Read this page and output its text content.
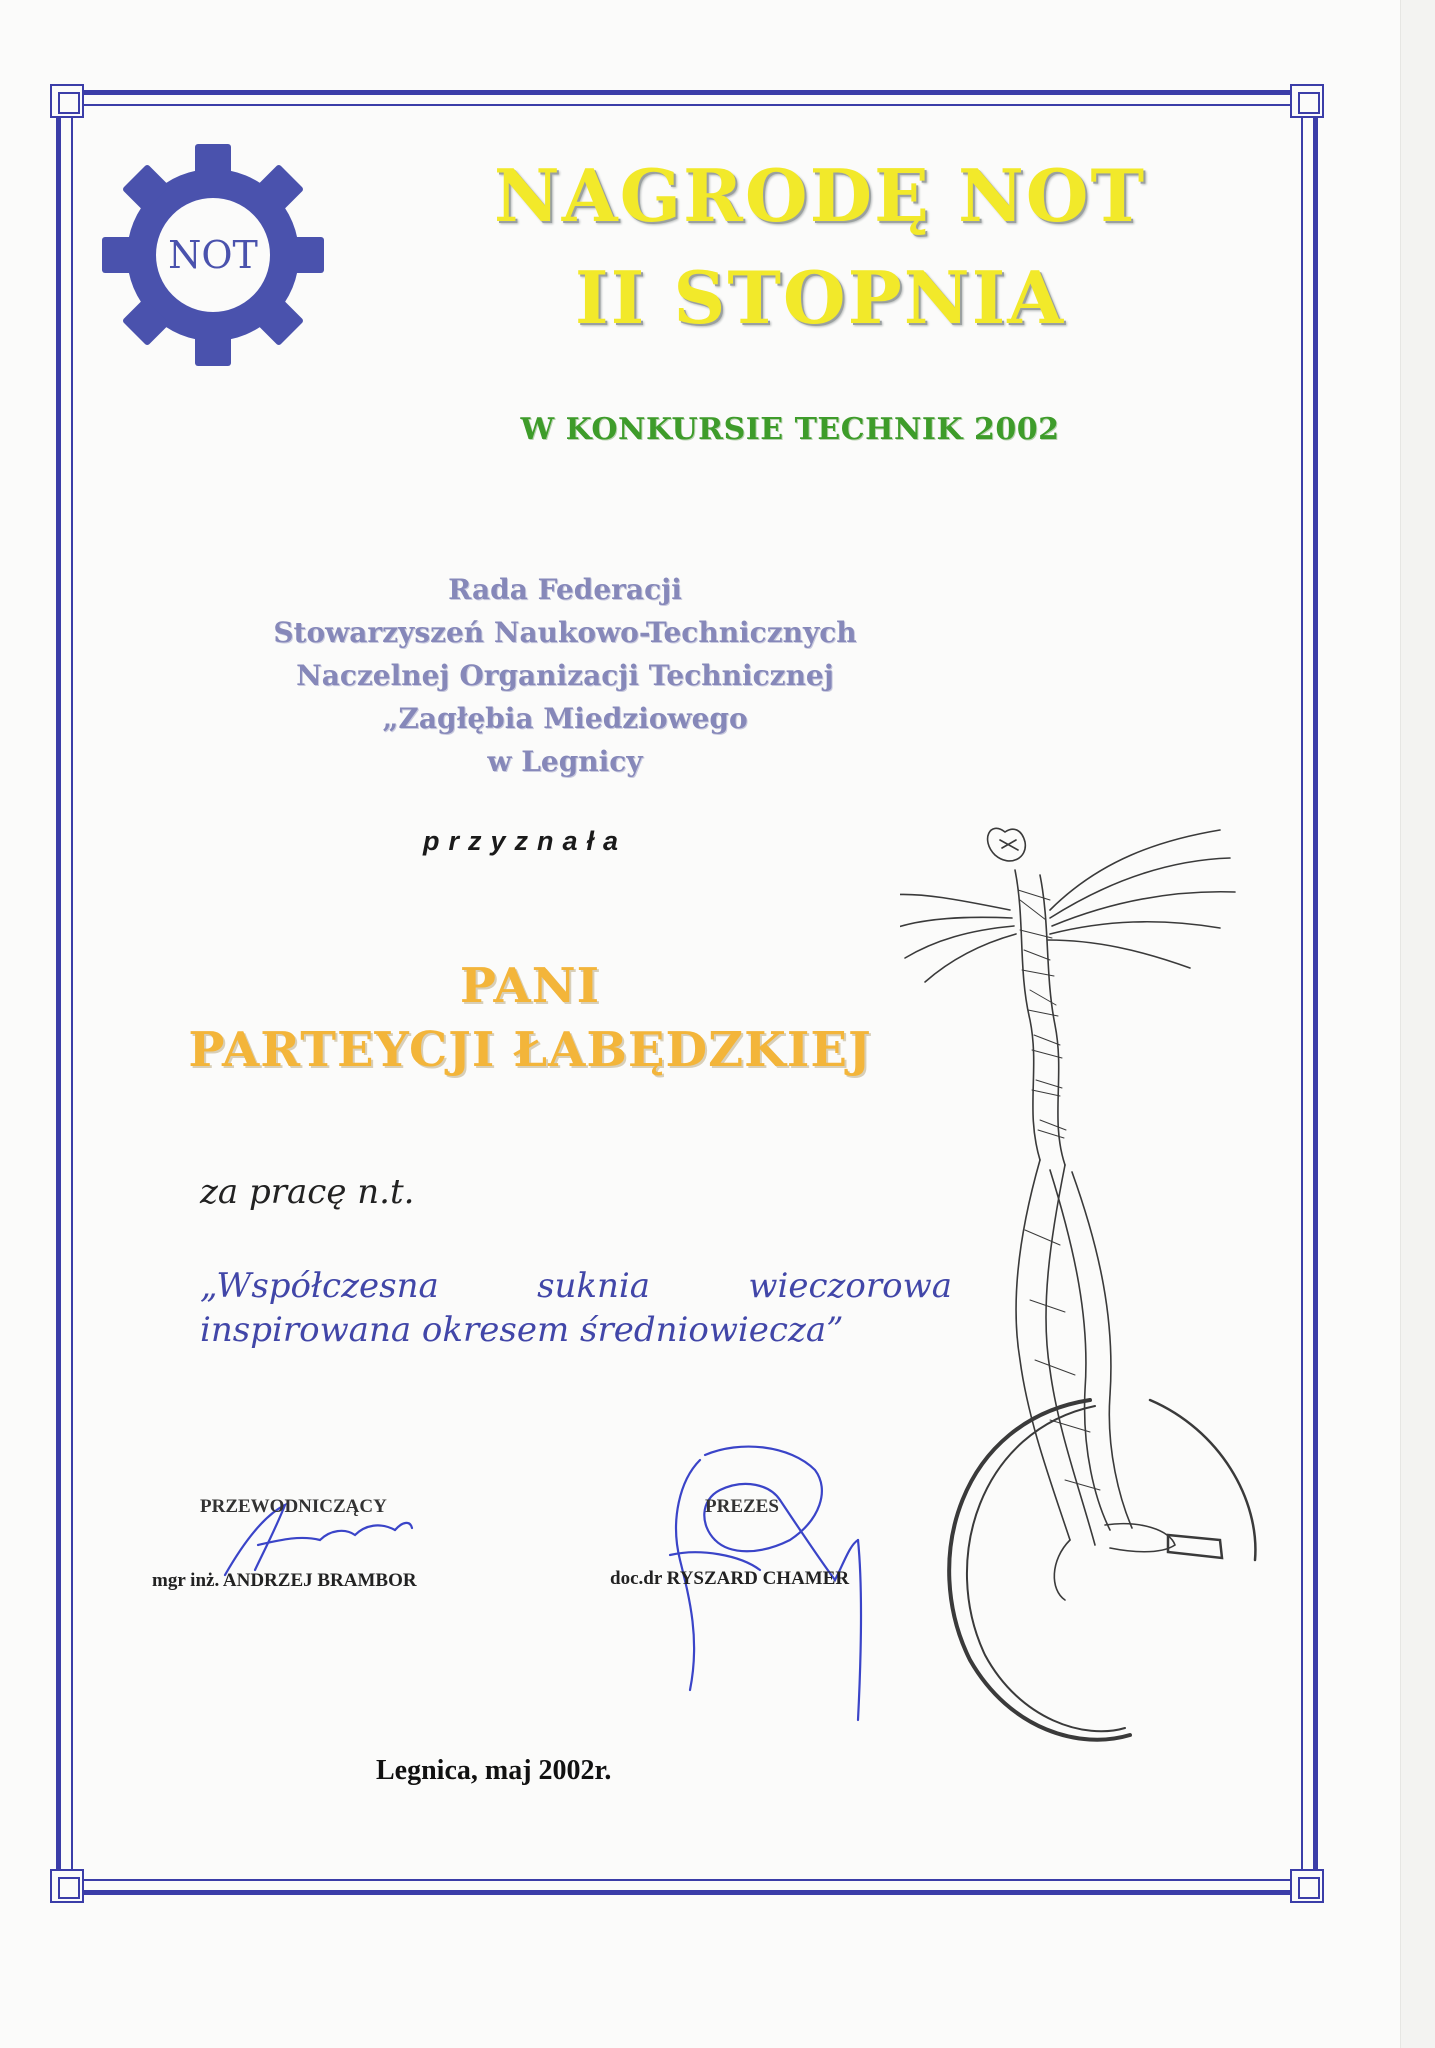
NOT
NAGRODĘ NOT
II STOPNIA
W KONKURSIE TECHNIK 2002
Rada Federacji
Stowarzyszeń Naukowo-Technicznych
Naczelnej Organizacji Technicznej
„Zagłębia Miedziowego
w Legnicy
przyznała
PANI
PARTEYCJI ŁABĘDZKIEJ
za pracę n.t.
„Współczesna	suknia	wieczorowa
inspirowana okresem średniowiecza”
PRZEWODNICZĄCY
mgr inż. ANDRZEJ BRAMBOR
PREZES
doc.dr RYSZARD CHAMER
Legnica, maj 2002r.
